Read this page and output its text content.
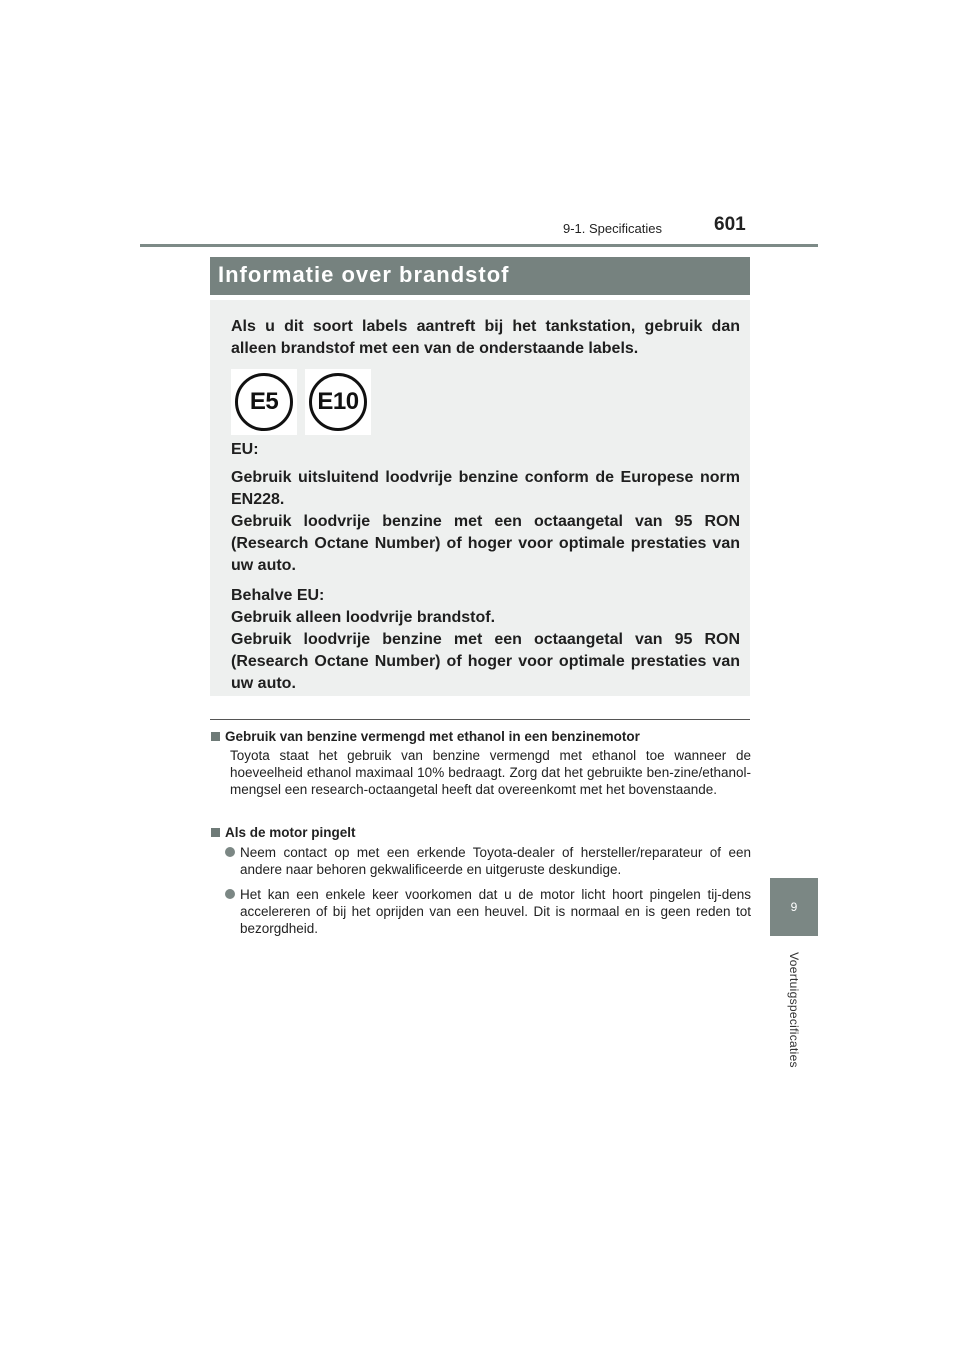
9-1. Specificaties	601
9
Voertuigspecificaties
Informatie over brandstof

Als u dit soort labels aantreft bij het tankstation, gebruik dan alleen brandstof met een van de onderstaande labels.

EU:

Gebruik uitsluitend loodvrije benzine conform de Europese norm EN228.

Gebruik loodvrije benzine met een octaangetal van 95 RON (Research Octane Number) of hoger voor optimale prestaties van uw auto.

Behalve EU:

Gebruik alleen loodvrije brandstof.

Gebruik loodvrije benzine met een octaangetal van 95 RON (Research Octane Number) of hoger voor optimale prestaties van uw auto.

E5 E10
Gebruik van benzine vermengd met ethanol in een benzinemotor
Toyota staat het gebruik van benzine vermengd met ethanol toe wanneer de hoeveelheid ethanol maximaal 10% bedraagt. Zorg dat het gebruikte ben-zine/ethanol-mengsel een research-octaangetal heeft dat overeenkomt met het bovenstaande.
Als de motor pingelt
Neem contact op met een erkende Toyota-dealer of hersteller/reparateur of een andere naar behoren gekwalificeerde en uitgeruste deskundige.
Het kan een enkele keer voorkomen dat u de motor licht hoort pingelen tij-dens accelereren of bij het oprijden van een heuvel. Dit is normaal en is geen reden tot bezorgdheid.
